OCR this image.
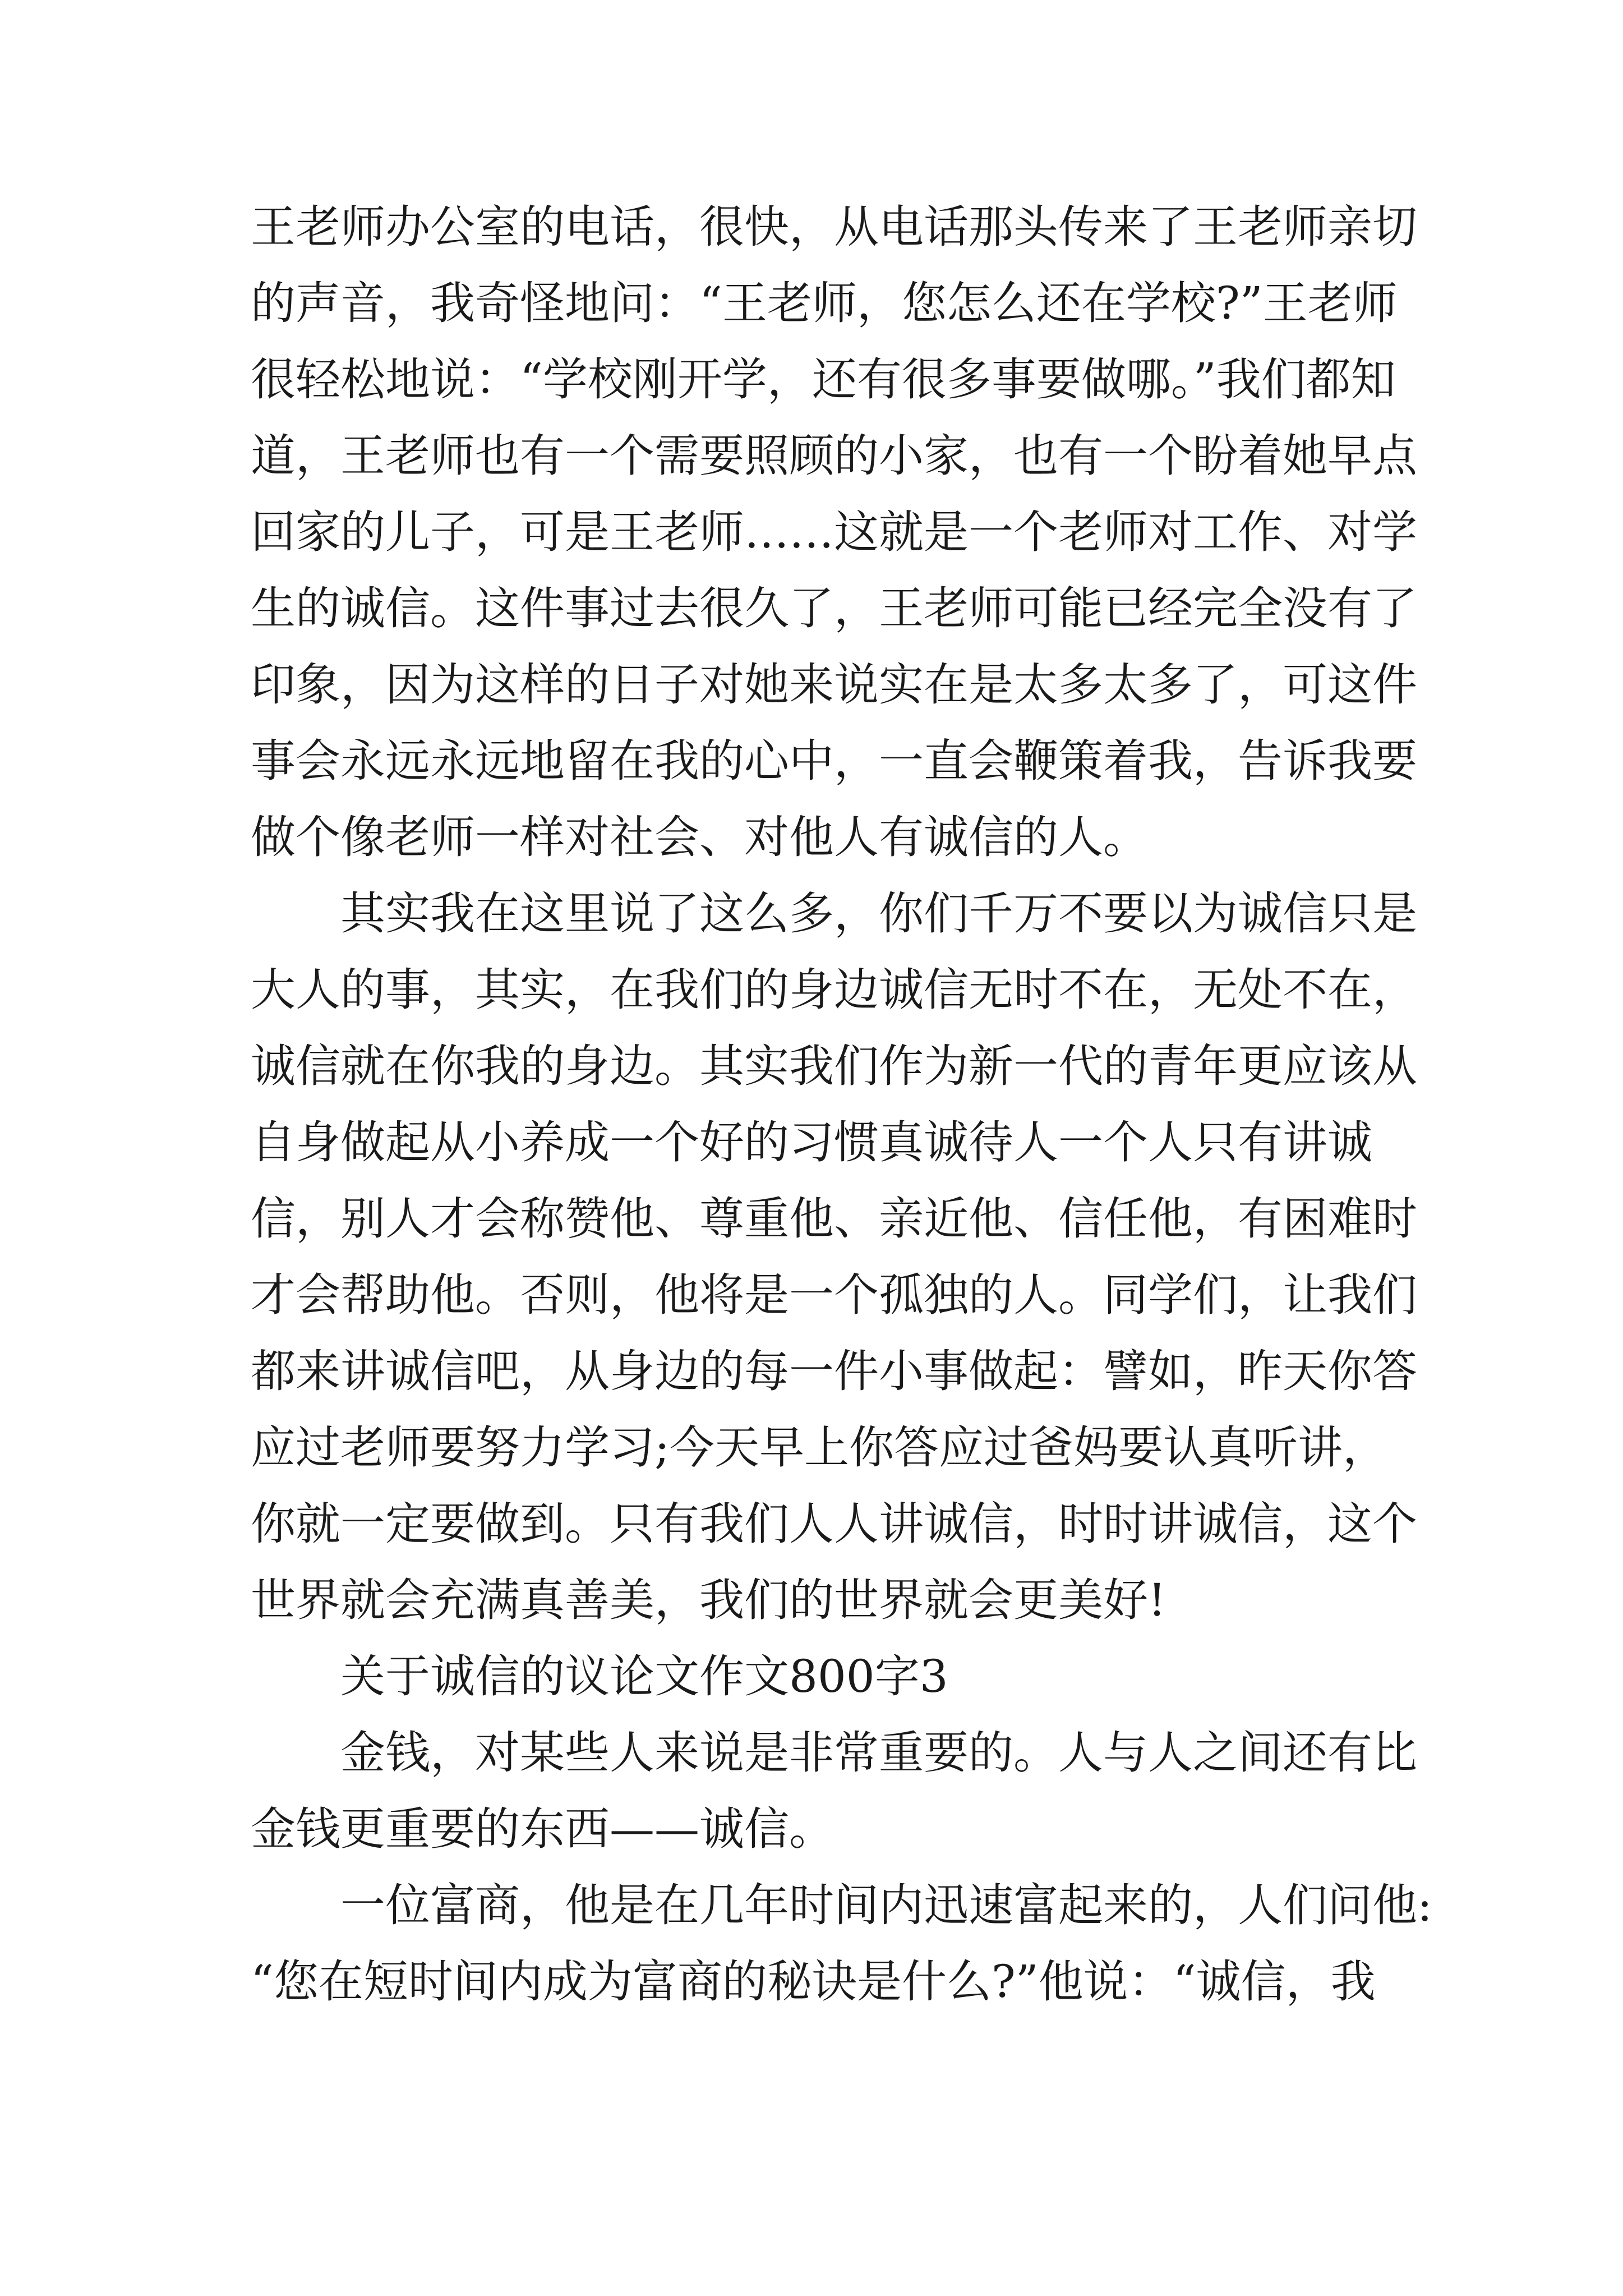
王老师办公室的电话，很快，从电话那头传来了王老师亲切
的声音，我奇怪地问：“王老师，您怎么还在学校?”王老师
很轻松地说：“学校刚开学，还有很多事要做哪。”我们都知
道，王老师也有一个需要照顾的小家，也有一个盼着她早点
回家的儿子，可是王老师……这就是一个老师对工作、对学
生的诚信。这件事过去很久了，王老师可能已经完全没有了
印象，因为这样的日子对她来说实在是太多太多了，可这件
事会永远永远地留在我的心中，一直会鞭策着我，告诉我要
做个像老师一样对社会、对他人有诚信的人。
其实我在这里说了这么多，你们千万不要以为诚信只是
大人的事，其实，在我们的身边诚信无时不在，无处不在，
诚信就在你我的身边。其实我们作为新一代的青年更应该从
自身做起从小养成一个好的习惯真诚待人一个人只有讲诚
信，别人才会称赞他、尊重他、亲近他、信任他，有困难时
才会帮助他。否则，他将是一个孤独的人。同学们，让我们
都来讲诚信吧，从身边的每一件小事做起：譬如，昨天你答
应过老师要努力学习;今天早上你答应过爸妈要认真听讲，
你就一定要做到。只有我们人人讲诚信，时时讲诚信，这个
世界就会充满真善美，我们的世界就会更美好!
关于诚信的议论文作文800字3
金钱，对某些人来说是非常重要的。人与人之间还有比
金钱更重要的东西——诚信。
一位富商，他是在几年时间内迅速富起来的，人们问他:
“您在短时间内成为富商的秘诀是什么?”他说：“诚信，我
